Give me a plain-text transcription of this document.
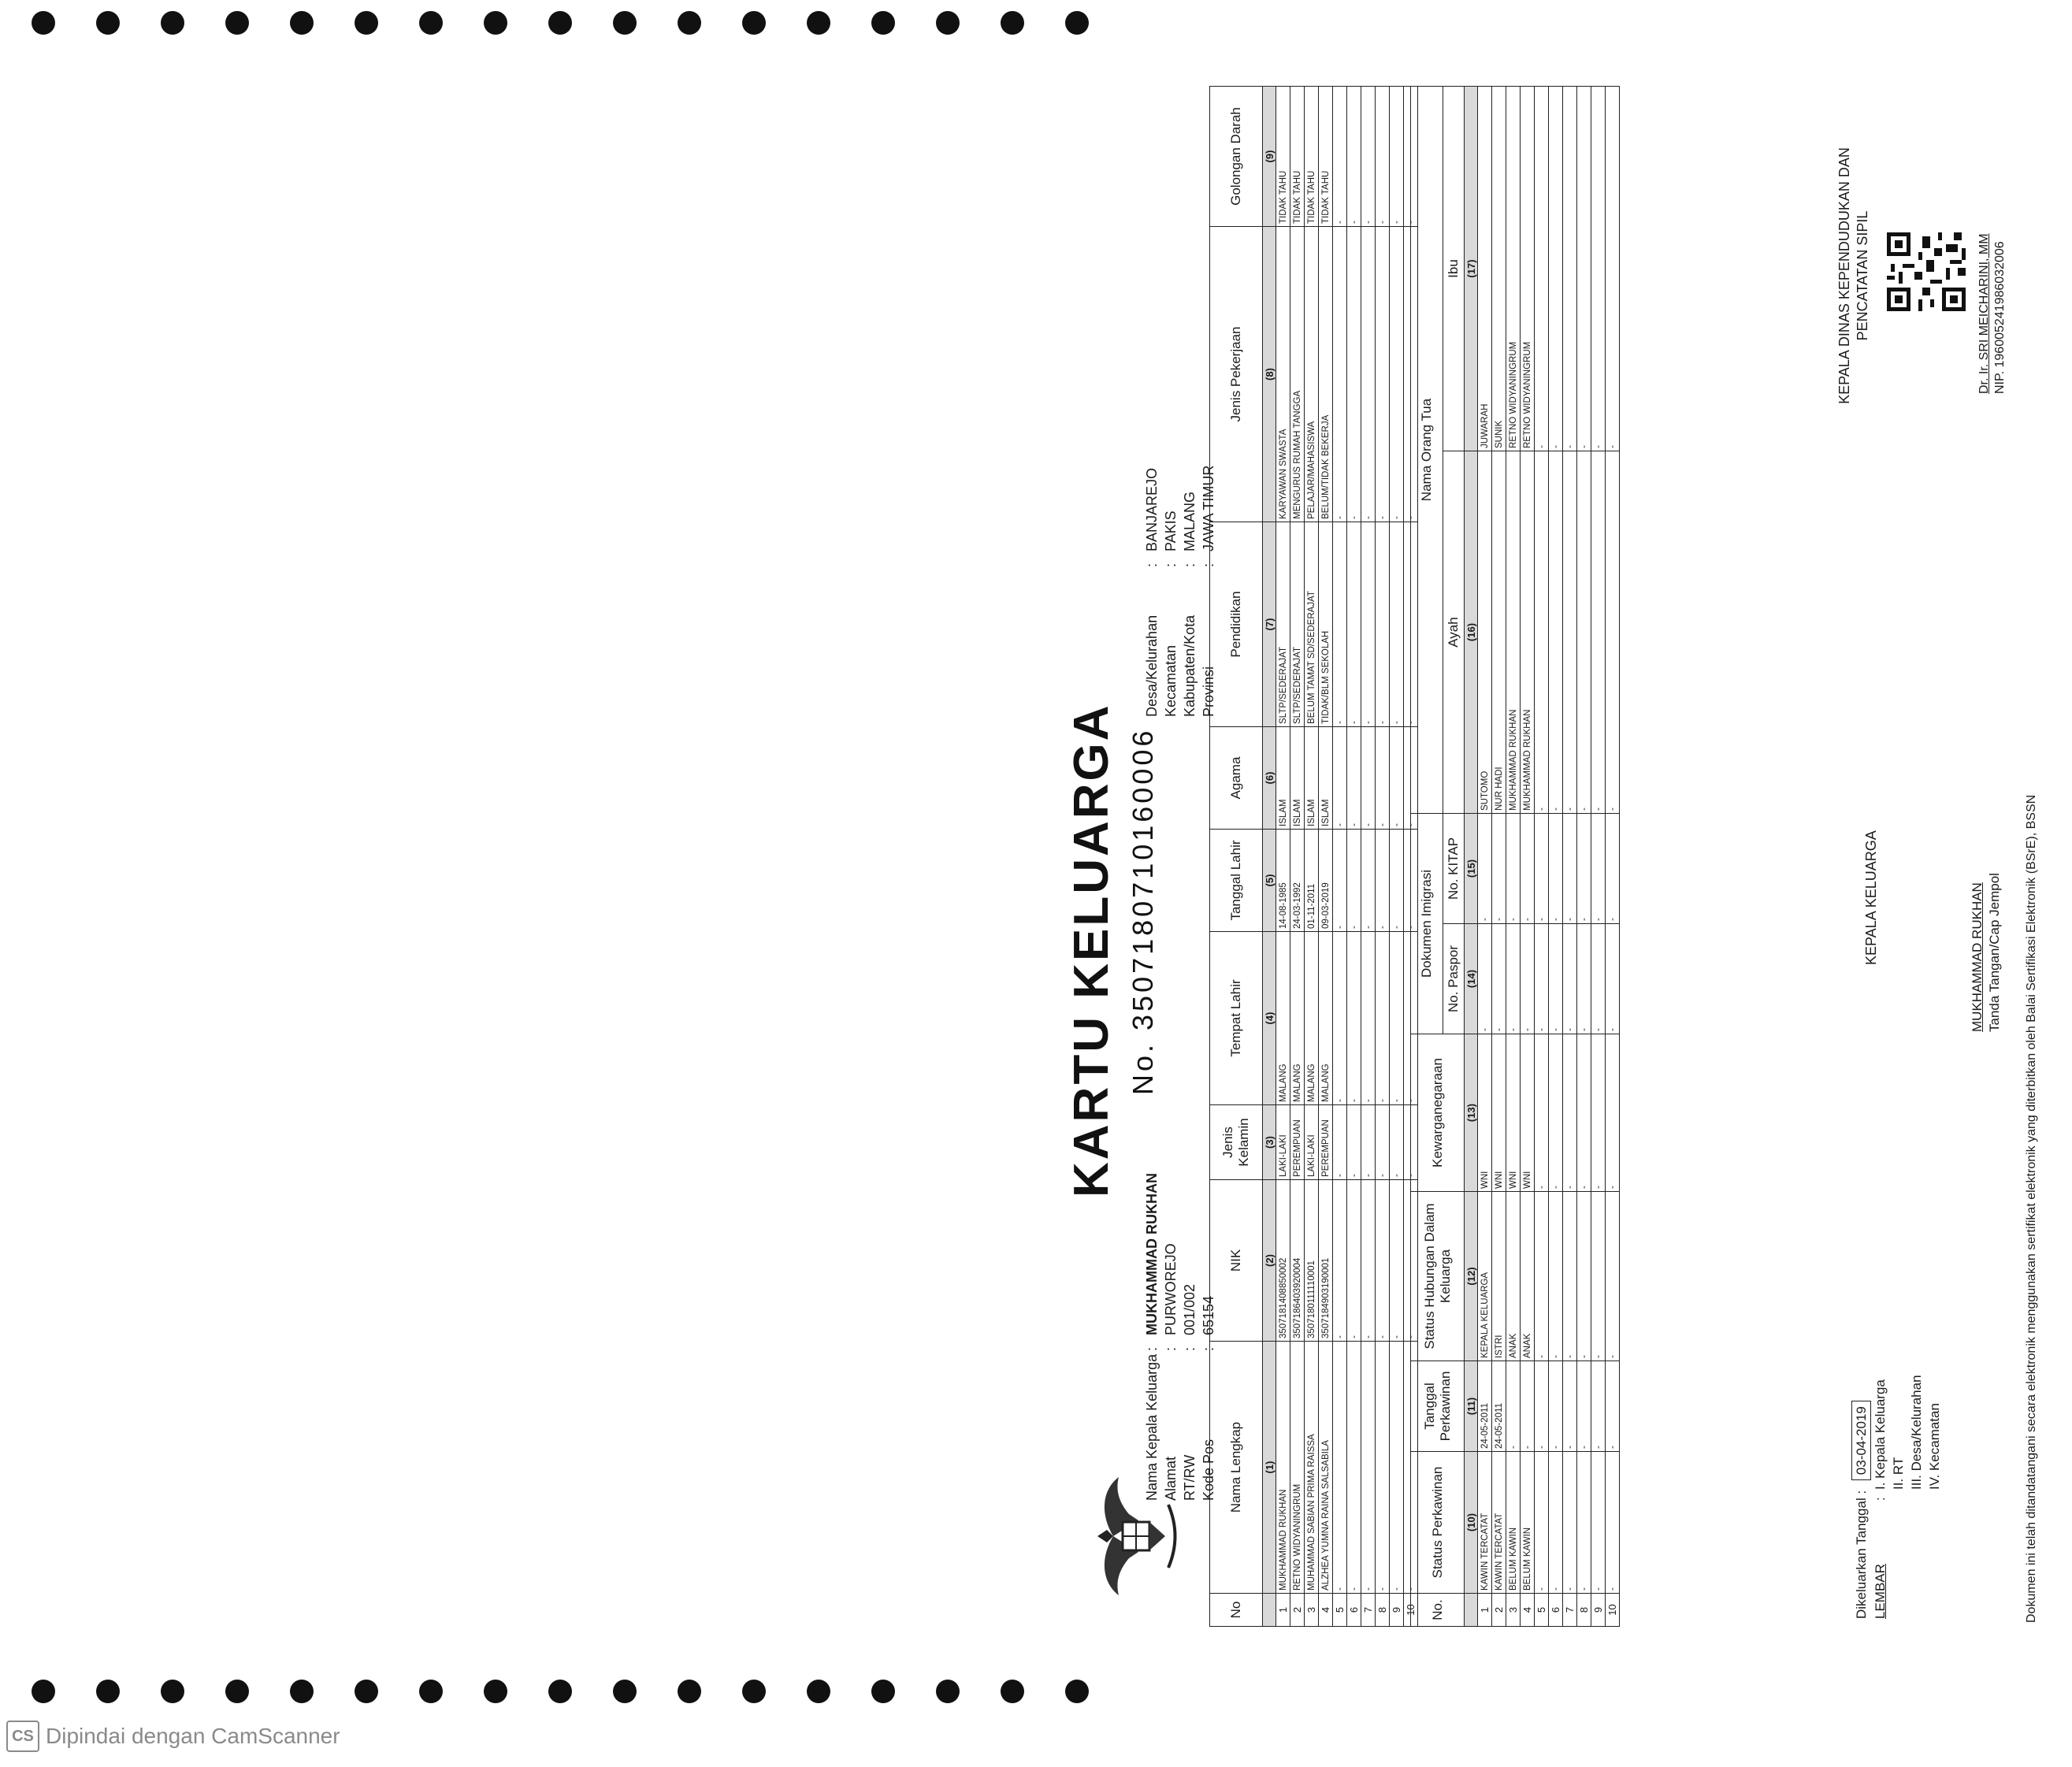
KARTU KELUARGA No. 3507180710160006
Nama Kepala Keluarga
:
MUKHAMMAD RUKHAN
Alamat
:
PURWOREJO
RT/RW
:
001/002
Kode Pos
:
65154
Desa/Kelurahan
:
BANJAREJO
Kecamatan
:
PAKIS
Kabupaten/Kota
:
MALANG
Provinsi
:
JAWA TIMUR
No	Nama Lengkap	NIK	Jenis Kelamin	Tempat Lahir	Tanggal Lahir	Agama	Pendidikan	Jenis Pekerjaan	Golongan Darah
	(1)	(2)	(3)	(4)	(5)	(6)	(7)	(8)	(9)
1	MUKHAMMAD RUKHAN	3507181408850002	LAKI-LAKI	MALANG	14-08-1985	ISLAM	SLTP/SEDERAJAT	KARYAWAN SWASTA	TIDAK TAHU
2	RETNO WIDYANINGRUM	3507186403920004	PEREMPUAN	MALANG	24-03-1992	ISLAM	SLTP/SEDERAJAT	MENGURUS RUMAH TANGGA	TIDAK TAHU
3	MUHAMMAD SABIAN PRIMA RAISSA	3507180111110001	LAKI-LAKI	MALANG	01-11-2011	ISLAM	BELUM TAMAT SD/SEDERAJAT	PELAJAR/MAHASISWA	TIDAK TAHU
4	ALZHEA YUMNA RAINA SALSABILA	3507184903190001	PEREMPUAN	MALANG	09-03-2019	ISLAM	TIDAK/BLM SEKOLAH	BELUM/TIDAK BEKERJA	TIDAK TAHU
5	-	-	-	-	-	-	-	-	-
6	-	-	-	-	-	-	-	-	-
7	-	-	-	-	-	-	-	-	-
8	-	-	-	-	-	-	-	-	-
9	-	-	-	-	-	-	-	-	-
10	-	-	-	-	-	-	-	-	-
No.	Status Perkawinan	Tanggal Perkawinan	Status Hubungan Dalam Keluarga	Kewarganegaraan	Dokumen Imigrasi		Nama Orang Tua	
					No. Paspor	No. KITAP	Ayah	Ibu
	(10)	(11)	(12)	(13)	(14)	(15)	(16)	(17)
1	KAWIN TERCATAT	24-05-2011	KEPALA KELUARGA	WNI	-	-	SUTOMO	JUWARAH
2	KAWIN TERCATAT	24-05-2011	ISTRI	WNI	-	-	NUR HADI	SUNIK
3	BELUM KAWIN	-	ANAK	WNI	-	-	MUKHAMMAD RUKHAN	RETNO WIDYANINGRUM
4	BELUM KAWIN	-	ANAK	WNI	-	-	MUKHAMMAD RUKHAN	RETNO WIDYANINGRUM
5	-	-	-	-	-	-	-	-
6	-	-	-	-	-	-	-	-
7	-	-	-	-	-	-	-	-
8	-	-	-	-	-	-	-	-
9	-	-	-	-	-	-	-	-
10	-	-	-	-	-	-	-	-
Dikeluarkan Tanggal : 03-04-2019
LEMBAR
:
I. Kepala Keluarga II. RT III. Desa/Kelurahan IV. Kecamatan
KEPALA KELUARGA	MUKHAMMAD RUKHAN Tanda Tangan/Cap Jempol
KEPALA DINAS KEPENDUDUKAN DAN PENCATATAN SIPIL	Dr. Ir. SRI MEICHARINI, MM NIP. 196005241986032006
Dokumen ini telah ditandatangani secara elektronik menggunakan sertifikat elektronik yang diterbitkan oleh Balai Sertifikasi Elektronik (BSrE), BSSN
CS Dipindai dengan CamScanner
